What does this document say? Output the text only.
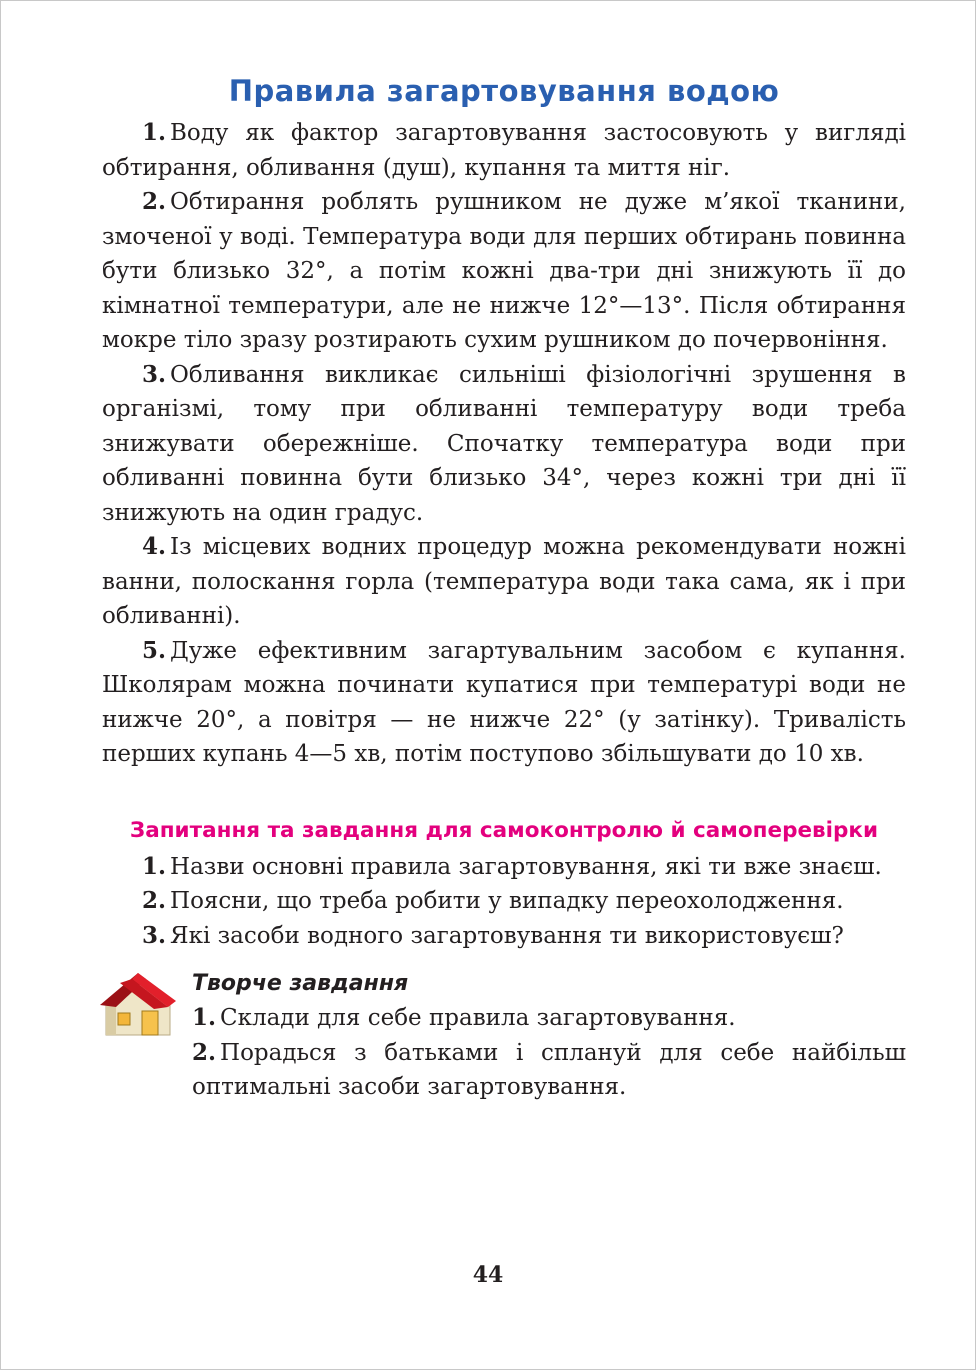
Правила загартовування водою

1. Воду як фактор загартовування застосовують у вигляді обтирання, обливання (душ), купання та миття ніг.

2. Обтирання роблять рушником не дуже м’якої тканини, змоченої у воді. Температура води для перших обтирань повинна бути близько 32°, а потім кожні два-три дні знижують її до кімнатної температури, але не нижче 12°—13°. Після обтирання мокре тіло зразу розтирають сухим рушником до почервоніння.

3. Обливання викликає сильніші фізіологічні зрушення в організмі, тому при обливанні температуру води треба знижувати обережніше. Спочатку температура води при обливанні повинна бути близько 34°, через кожні три дні її знижують на один градус.

4. Із місцевих водних процедур можна рекомендувати ножні ванни, полоскання горла (температура води така сама, як і при обливанні).

5. Дуже ефективним загартувальним засобом є купання. Школярам можна починати купатися при температурі води не нижче 20°, а повітря — не нижче 22° (у затінку). Тривалість перших купань 4—5 хв, потім поступово збільшувати до 10 хв.

Запитання та завдання для самоконтролю й самоперевірки

1. Назви основні правила загартовування, які ти вже знаєш.

2. Поясни, що треба робити у випадку переохолодження.

3. Які засоби водного загартовування ти використовуєш?

Творче завдання

1. Склади для себе правила загартовування.

2. Порадься з батьками і сплануй для себе найбільш оптимальні засоби загартовування.

44
